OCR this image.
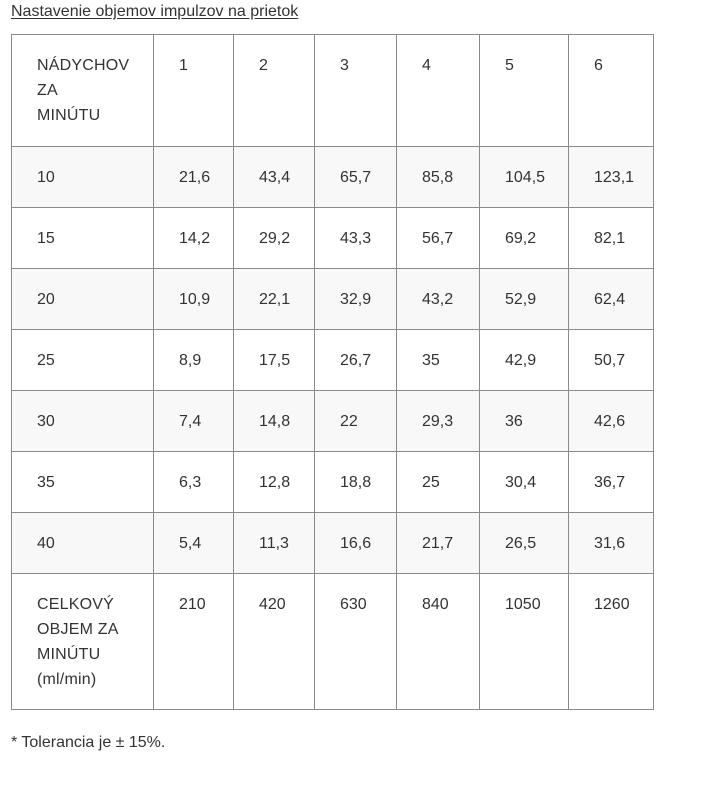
Nastavenie objemov impulzov na prietok
NÁDYCHOV
ZA
MINÚTU	1	2	3	4	5	6
10	21,6	43,4	65,7	85,8	104,5	123,1
15	14,2	29,2	43,3	56,7	69,2	82,1
20	10,9	22,1	32,9	43,2	52,9	62,4
25	8,9	17,5	26,7	35	42,9	50,7
30	7,4	14,8	22	29,3	36	42,6
35	6,3	12,8	18,8	25	30,4	36,7
40	5,4	11,3	16,6	21,7	26,5	31,6

CELKOVÝ
OBJEM ZA
MINÚTU
(ml/min)	210	420	630	840	1050	1260
* Tolerancia je ± 15%.
